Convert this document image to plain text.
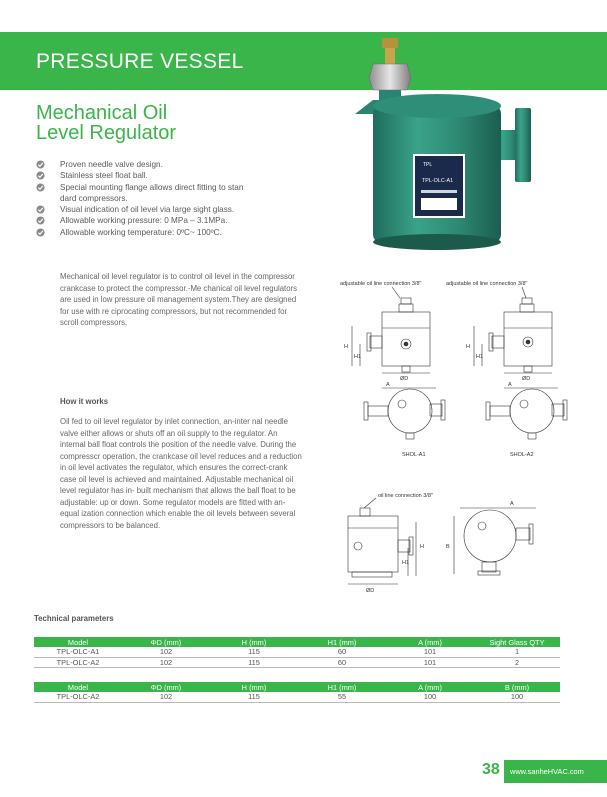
PRESSURE VESSEL
Mechanical Oil
Level Regulator
Proven needle valve design.
Stainless steel float ball.
Special mounting flange allows direct fitting to stan
dard compressors.
Visual indication of oil level via large sight glass.
Allowable working pressure: 0 MPa – 3.1MPa.
Allowable working temperature: 0ºC~ 100ºC.
TPL
TPL-OLC-A1

Mechanical oil level regulator is to control oil level in the compressor crankcase to protect the compressor.-Me chanical oil level regulators are used in low pressure oil management system.They are designed for use with re ciprocating compressors, but not recommended for scroll compressors.

How it works

Oil fed to oil level regulator by inlet connection, an-inter nal needle valve either allows or shuts off an oil supply to the regulator. An internal ball float controls the position of the needle valve. During the compresscr operation, the crankcase oil level reduces and a reduction in oil level activates the regulator, which ensures the correct-crank case oil level is achieved and maintained. Adjustable mechanical oil level regulator has in- built mechanism that allows the ball float to be adjustable: up or down. Some regulator models are fitted with an-equal ization connection which enable the oil levels between several compressors to be balanced.

adjustable oil line connection 3/8"
H
H1
ØD
A
SHOL-A1
adjustable oil line connection 3/8"
H
H1
ØD
A
SHOL-A2
oil line connection 3/8"
H
H1
ØD
A
B
Technical parameters
Model	ΦD (mm)	H (mm)	H1 (mm)	A (mm)	Sight Glass QTY
TPL-OLC-A1	102	115	60	101	1
TPL-OLC-A2	102	115	60	101	2
Model	ΦD (mm)	H (mm)	H1 (mm)	A (mm)	B (mm)
TPL-OLC-A2	102	115	55	100	100
38 www.sanheHVAC.com
